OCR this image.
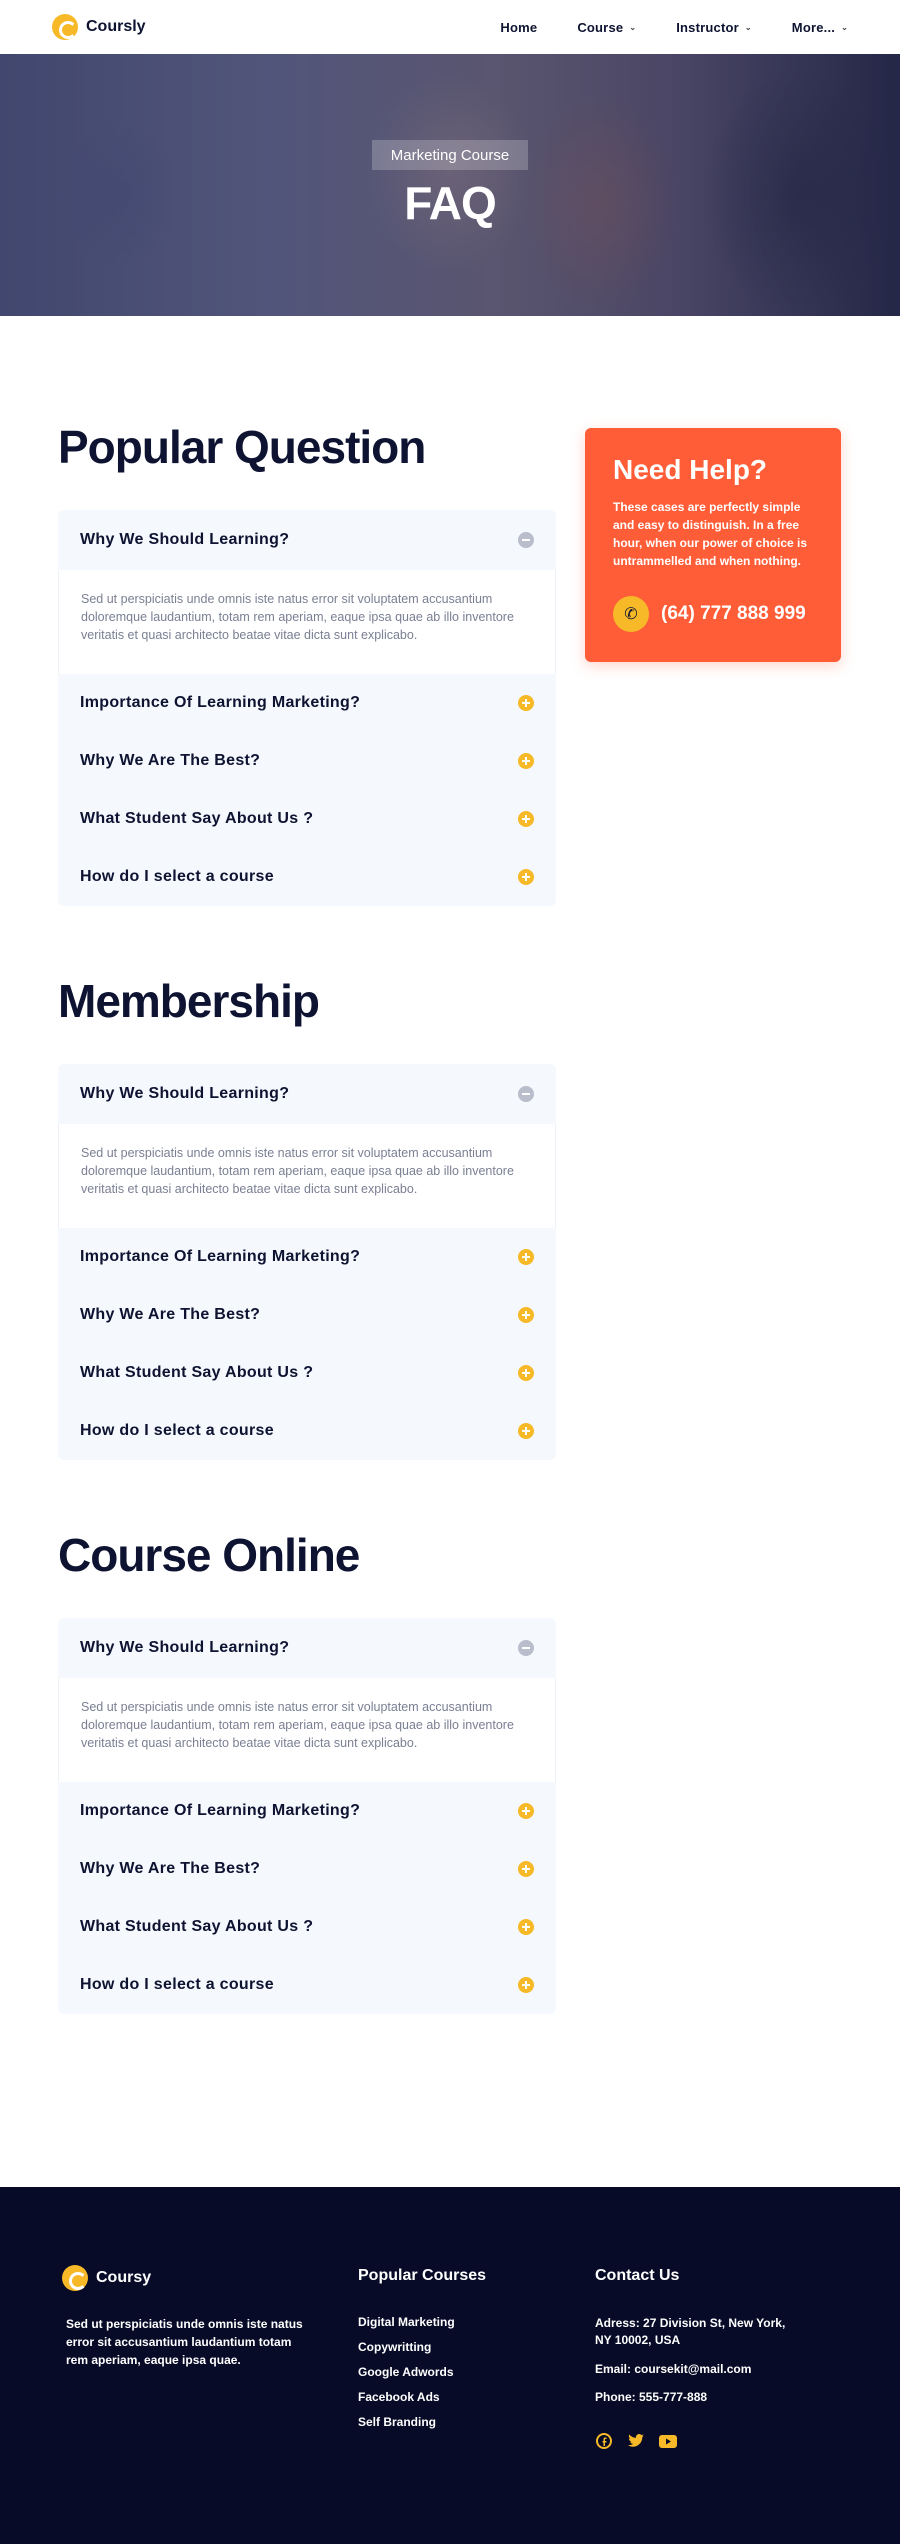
Coursly	Home	Course ⌄	Instructor ⌄	More... ⌄
Marketing Course
FAQ
Popular Question
Why We Should Learning?
Sed ut perspiciatis unde omnis iste natus error sit voluptatem accusantium doloremque laudantium, totam rem aperiam, eaque ipsa quae ab illo inventore veritatis et quasi architecto beatae vitae dicta sunt explicabo.
Importance Of Learning Marketing?
Why We Are The Best?
What Student Say About Us ?
How do I select a course
Membership
Why We Should Learning?
Sed ut perspiciatis unde omnis iste natus error sit voluptatem accusantium doloremque laudantium, totam rem aperiam, eaque ipsa quae ab illo inventore veritatis et quasi architecto beatae vitae dicta sunt explicabo.
Importance Of Learning Marketing?
Why We Are The Best?
What Student Say About Us ?
How do I select a course
Course Online
Why We Should Learning?
Sed ut perspiciatis unde omnis iste natus error sit voluptatem accusantium doloremque laudantium, totam rem aperiam, eaque ipsa quae ab illo inventore veritatis et quasi architecto beatae vitae dicta sunt explicabo.
Importance Of Learning Marketing?
Why We Are The Best?
What Student Say About Us ?
How do I select a course
Need Help?
These cases are perfectly simple and easy to distinguish. In a free hour, when our power of choice is untrammelled and when nothing.
✆	(64) 777 888 999
Coursy

Sed ut perspiciatis unde omnis iste natus error sit accusantium laudantium totam rem aperiam, eaque ipsa quae.

Popular Courses
Digital Marketing
Copywritting
Google Adwords
Facebook Ads
Self Branding
Contact Us
Adress: 27 Division St, New York, NY 10002, USA
Email: coursekit@mail.com
Phone: 555-777-888
